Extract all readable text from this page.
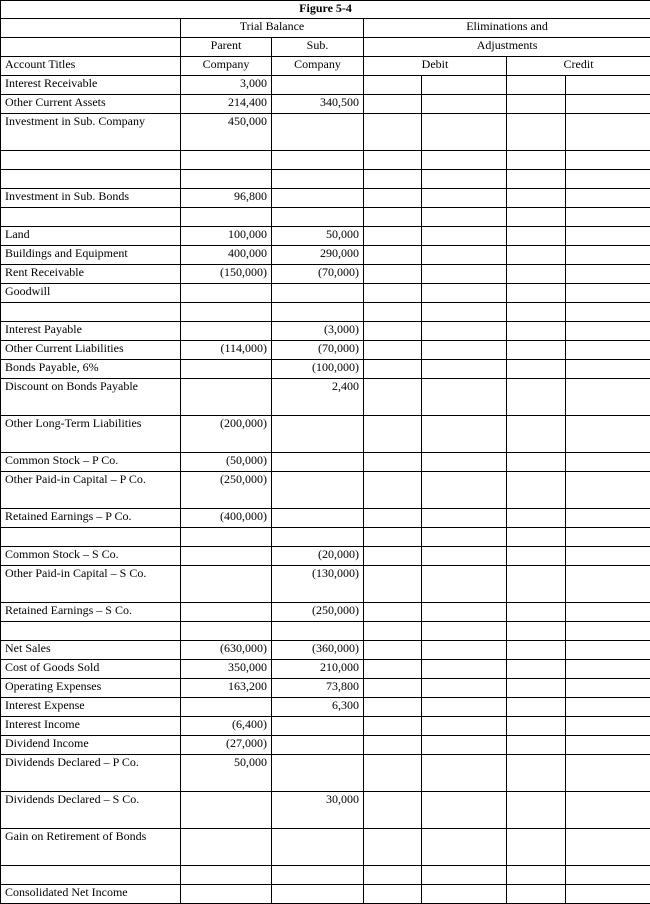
Figure 5-4						
	Trial Balance		Eliminations and			
	Parent	Sub.	Adjustments			
Account Titles	Company	Company	Debit		Credit	
Interest Receivable	3,000					
Other Current Assets	214,400	340,500				
Investment in Sub. Company	450,000					

Investment in Sub. Bonds	96,800					

Land	100,000	50,000				
Buildings and Equipment	400,000	290,000				
Rent Receivable	(150,000)	(70,000)				
Goodwill						

Interest Payable		(3,000)				
Other Current Liabilities	(114,000)	(70,000)				
Bonds Payable, 6%		(100,000)				
Discount on Bonds Payable		2,400				
Other Long-Term Liabilities	(200,000)					
Common Stock – P Co.	(50,000)					
Other Paid-in Capital – P Co.	(250,000)					
Retained Earnings – P Co.	(400,000)					

Common Stock – S Co.		(20,000)				
Other Paid-in Capital – S Co.		(130,000)				
Retained Earnings – S Co.		(250,000)				

Net Sales	(630,000)	(360,000)				
Cost of Goods Sold	350,000	210,000				
Operating Expenses	163,200	73,800				
Interest Expense		6,300				
Interest Income	(6,400)					
Dividend Income	(27,000)					
Dividends Declared – P Co.	50,000					
Dividends Declared – S Co.		30,000				
Gain on Retirement of Bonds						

Consolidated Net Income						
